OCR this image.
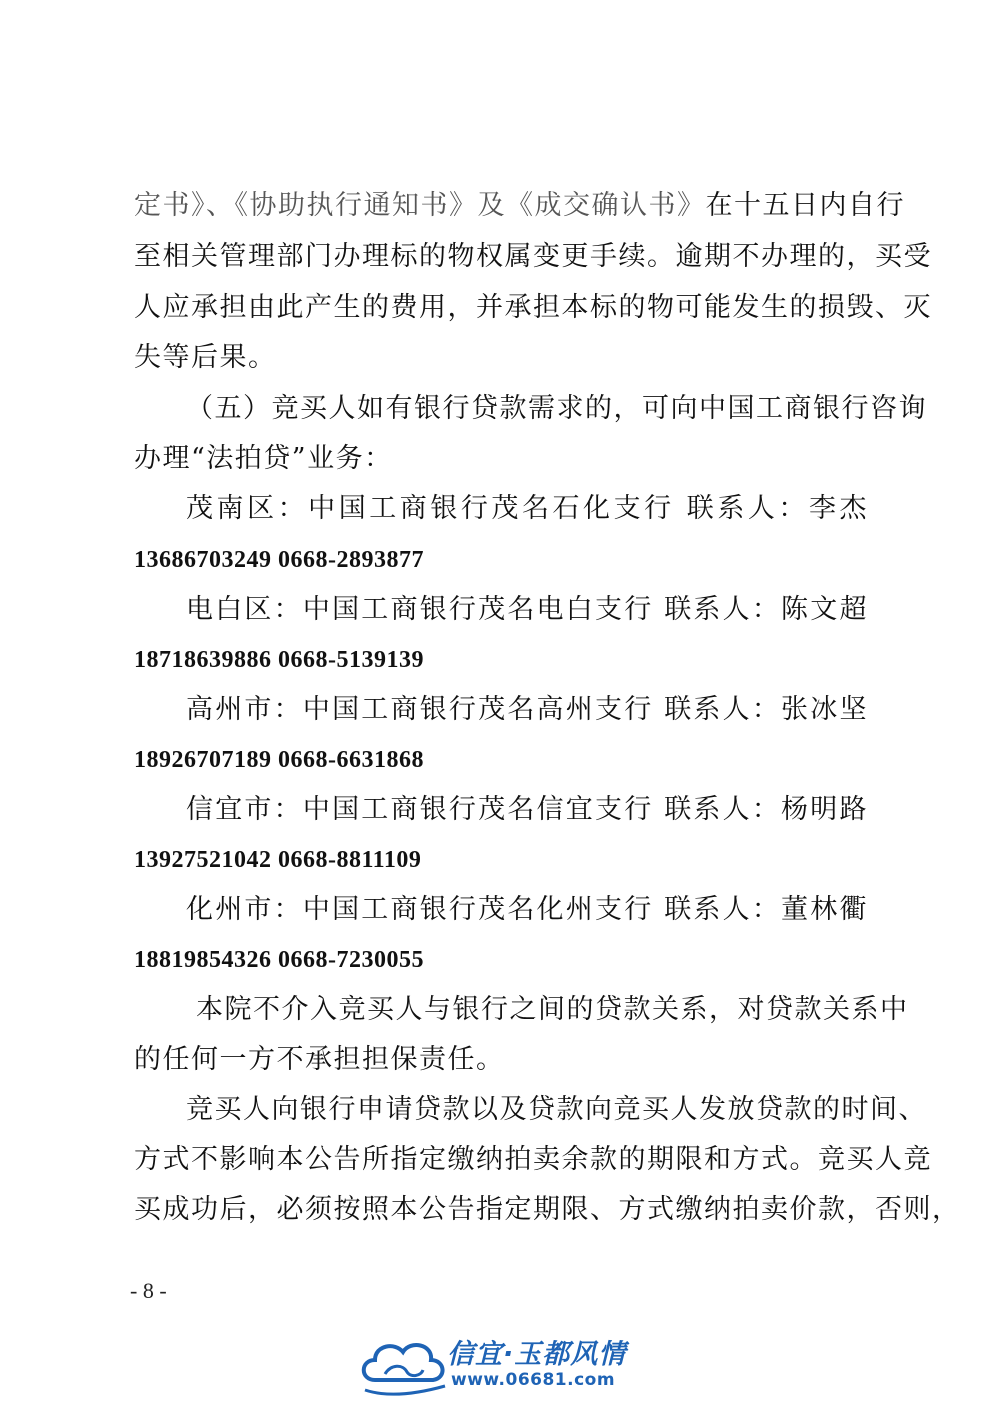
定书》、《协助执行通知书》及《成交确认书》在十五日内自行
至相关管理部门办理标的物权属变更手续。逾期不办理的，买受
人应承担由此产生的费用，并承担本标的物可能发生的损毁、灭
失等后果。
（五）竞买人如有银行贷款需求的，可向中国工商银行咨询
办理“法拍贷”业务：
茂南区：中国工商银行茂名石化支行 联系人：李杰
13686703249 0668-2893877
电白区：中国工商银行茂名电白支行 联系人：陈文超
18718639886 0668-5139139
高州市：中国工商银行茂名高州支行 联系人：张冰坚
18926707189 0668-6631868
信宜市：中国工商银行茂名信宜支行 联系人：杨明路
13927521042 0668-8811109
化州市：中国工商银行茂名化州支行 联系人：董林衢
18819854326 0668-7230055
本院不介入竞买人与银行之间的贷款关系，对贷款关系中
的任何一方不承担担保责任。
竞买人向银行申请贷款以及贷款向竞买人发放贷款的时间、
方式不影响本公告所指定缴纳拍卖余款的期限和方式。竞买人竞
买成功后，必须按照本公告指定期限、方式缴纳拍卖价款，否则，
- 8 -
信宜·玉都风情
www.06681.com
